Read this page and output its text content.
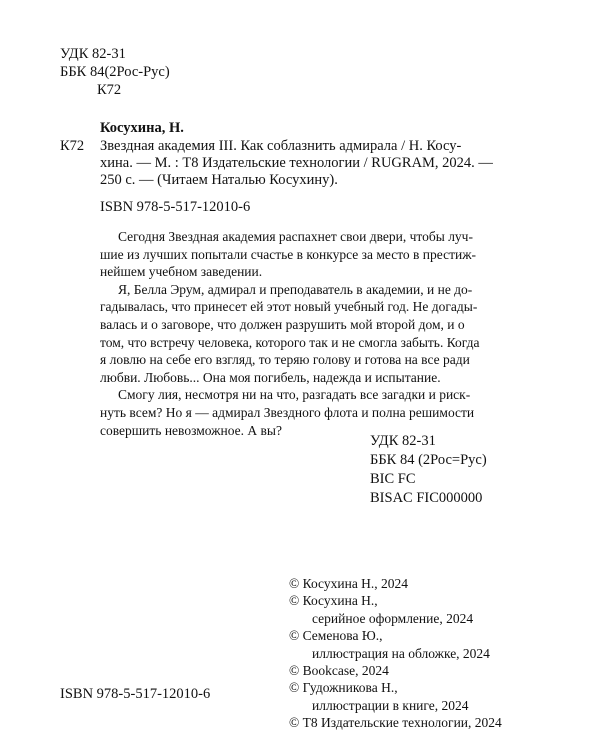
УДК 82-31
ББК 84(2Рос-Рус)
К72
К72
Косухина, Н.

Звездная академия III. Как соблазнить адмирала / Н. Косу-

хина. — М. : Т8 Издательские технологии / RUGRAM, 2024. —

250 с. — (Читаем Наталью Косухину).

ISBN 978-5-517-12010-6

Сегодня Звездная академия распахнет свои двери, чтобы луч-

шие из лучших попытали счастье в конкурсе за место в престиж-

нейшем учебном заведении.

Я, Белла Эрум, адмирал и преподаватель в академии, и не до-

гадывалась, что принесет ей этот новый учебный год. Не догады-

валась и о заговоре, что должен разрушить мой второй дом, и о

том, что встречу человека, которого так и не смогла забыть. Когда

я ловлю на себе его взгляд, то теряю голову и готова на все ради

любви. Любовь... Она моя погибель, надежда и испытание.

Смогу лия, несмотря ни на что, разгадать все загадки и риск-

нуть всем? Но я — адмирал Звездного флота и полна решимости

совершить невозможное. А вы?

УДК 82-31
ББК 84 (2Рос=Рус)
BIC FC
BISAC FIC000000

© Косухина Н., 2024

© Косухина Н.,

серийное оформление, 2024

© Семенова Ю.,

иллюстрация на обложке, 2024

© Bookcase, 2024

© Гудожникова Н.,

иллюстрации в книге, 2024

© Т8 Издательские технологии, 2024

ISBN 978-5-517-12010-6
